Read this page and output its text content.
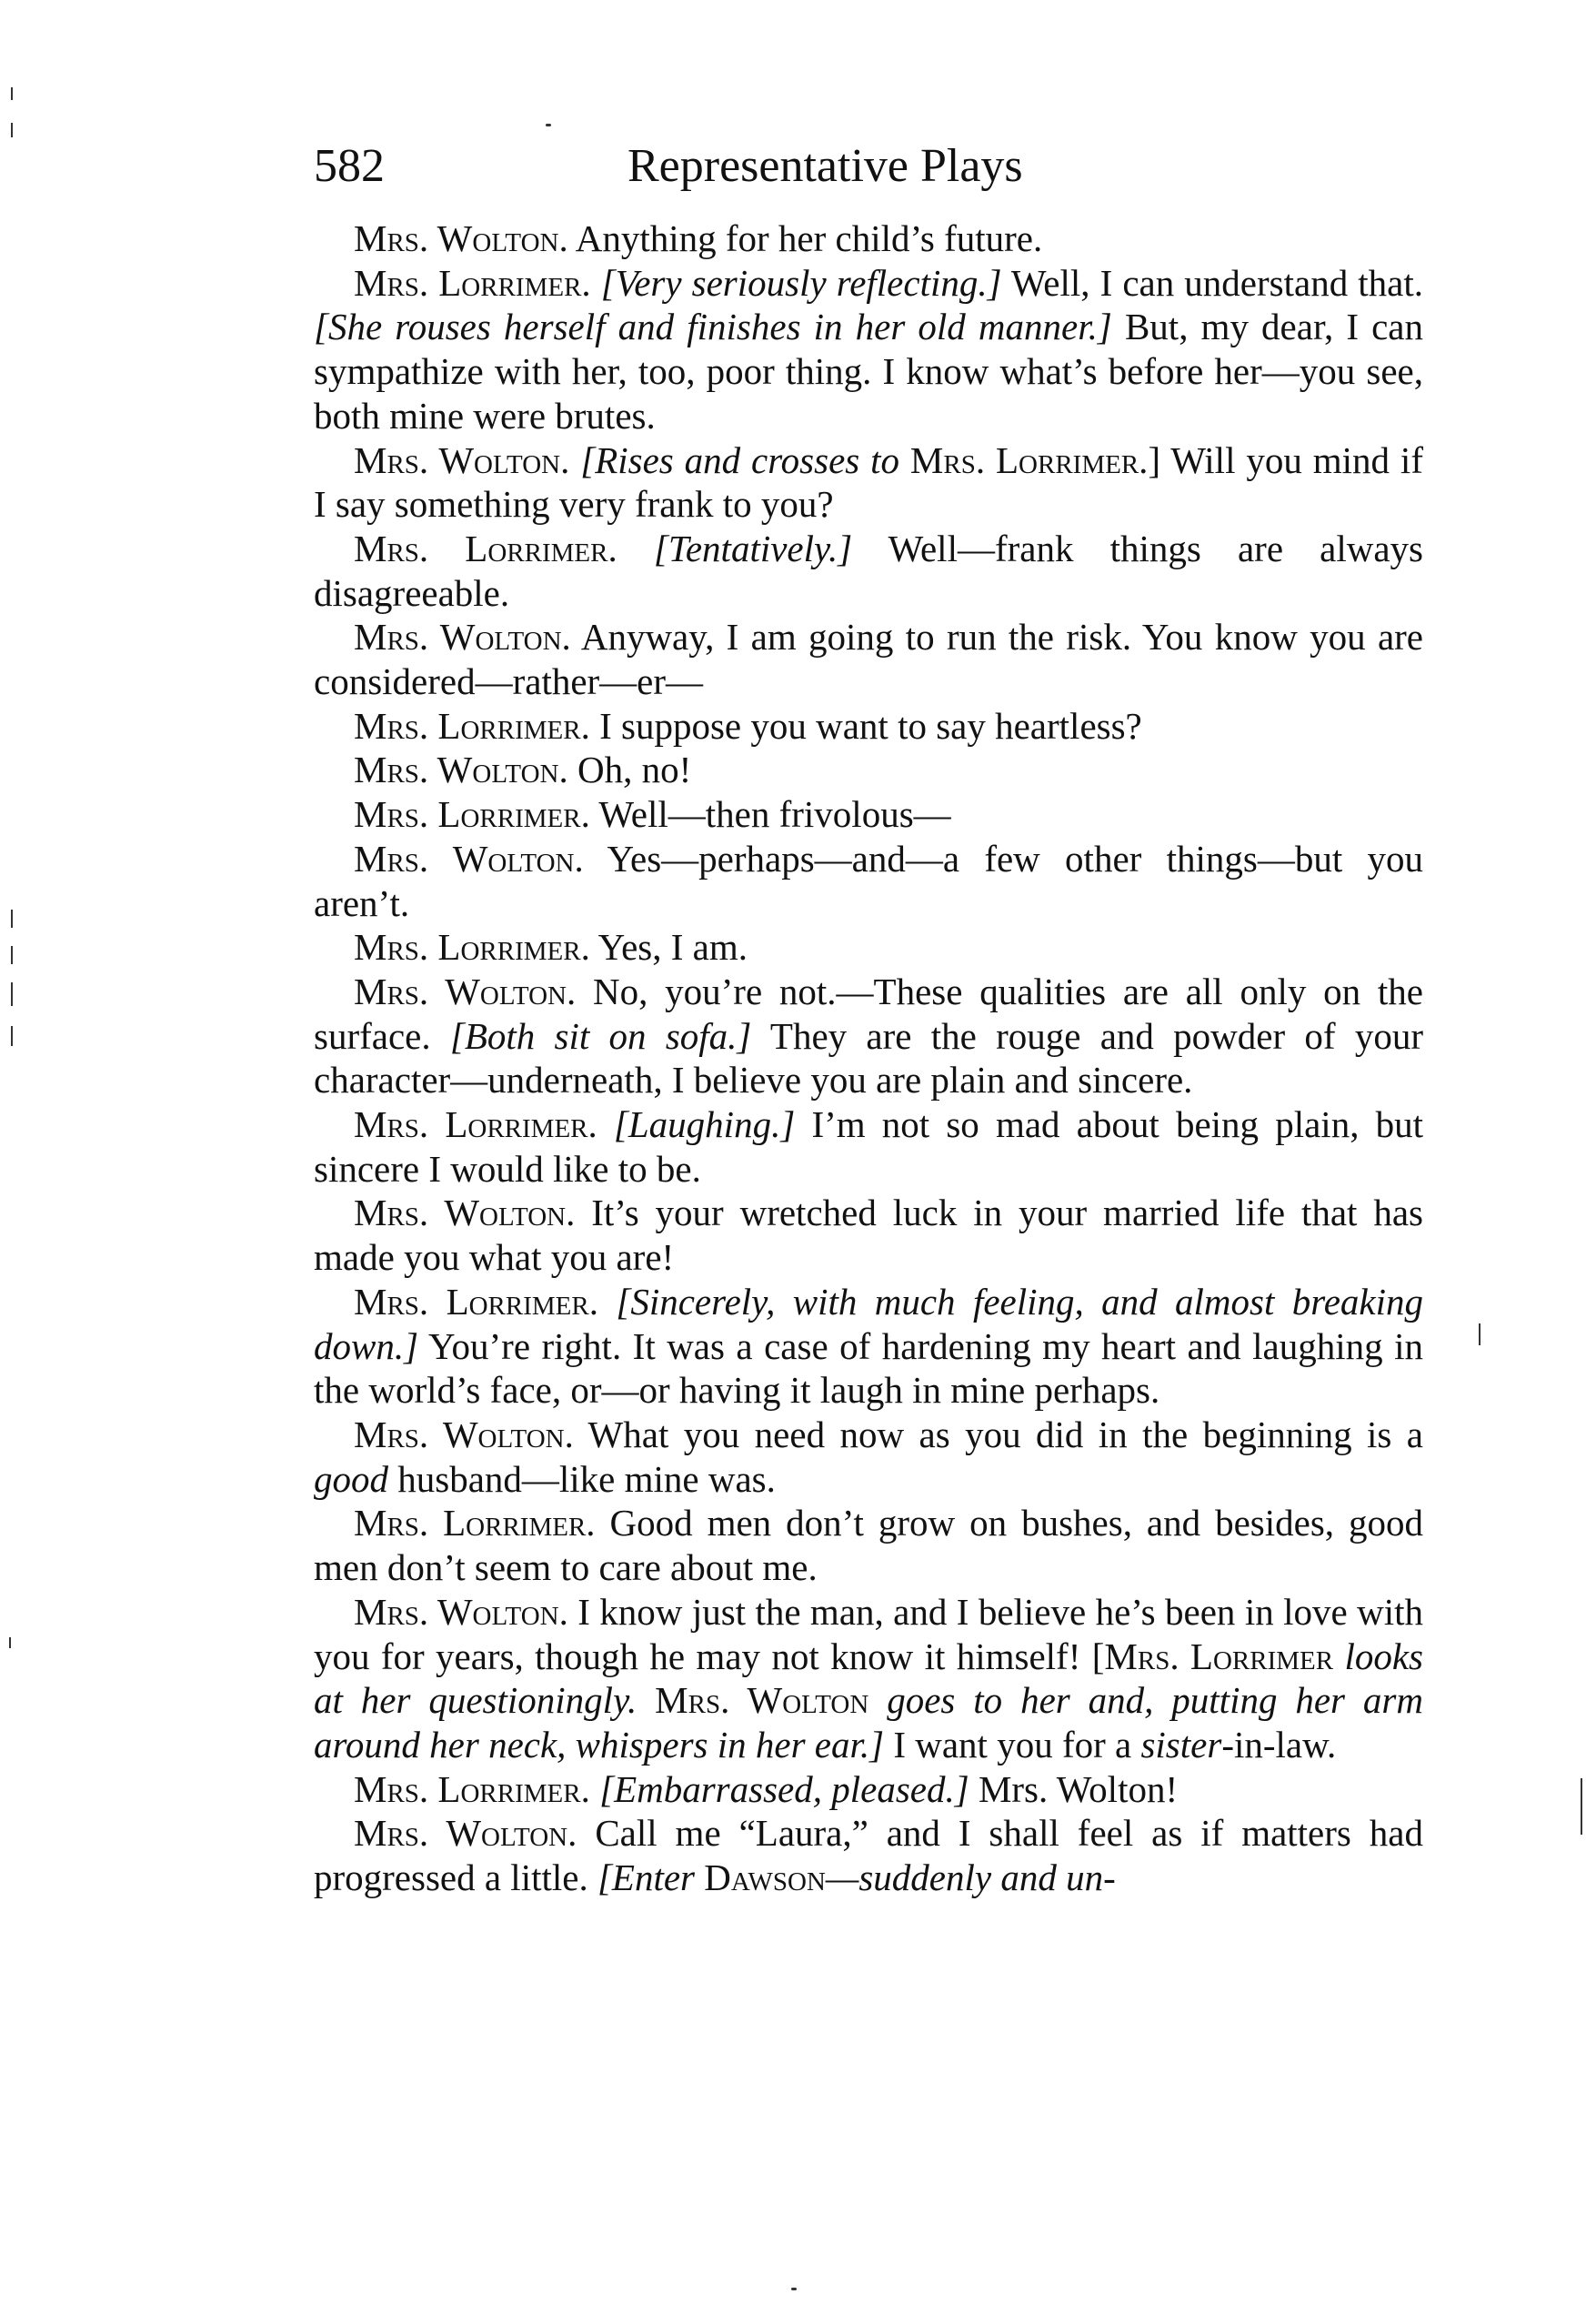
582	Representative Plays

Mrs. Wolton. Anything for her child’s future.

Mrs. Lorrimer. [Very seriously reflecting.] Well, I can understand that. [She rouses herself and finishes in her old manner.] But, my dear, I can sympathize with her, too, poor thing. I know what’s before her—you see, both mine were brutes.

Mrs. Wolton. [Rises and crosses to Mrs. Lorrimer.] Will you mind if I say something very frank to you?

Mrs. Lorrimer. [Tentatively.] Well—frank things are always disagreeable.

Mrs. Wolton. Anyway, I am going to run the risk. You know you are considered—rather—er—

Mrs. Lorrimer. I suppose you want to say heartless?

Mrs. Wolton. Oh, no!

Mrs. Lorrimer. Well—then frivolous—

Mrs. Wolton. Yes—perhaps—and—a few other things—but you aren’t.

Mrs. Lorrimer. Yes, I am.

Mrs. Wolton. No, you’re not.—These qualities are all only on the surface. [Both sit on sofa.] They are the rouge and powder of your character—underneath, I believe you are plain and sincere.

Mrs. Lorrimer. [Laughing.] I’m not so mad about being plain, but sincere I would like to be.

Mrs. Wolton. It’s your wretched luck in your married life that has made you what you are!

Mrs. Lorrimer. [Sincerely, with much feeling, and almost breaking down.] You’re right. It was a case of hardening my heart and laughing in the world’s face, or—or having it laugh in mine perhaps.

Mrs. Wolton. What you need now as you did in the beginning is a good husband—like mine was.

Mrs. Lorrimer. Good men don’t grow on bushes, and besides, good men don’t seem to care about me.

Mrs. Wolton. I know just the man, and I believe he’s been in love with you for years, though he may not know it himself! [Mrs. Lorrimer looks at her questioningly. Mrs. Wolton goes to her and, putting her arm around her neck, whispers in her ear.] I want you for a sister-in-law.

Mrs. Lorrimer. [Embarrassed, pleased.] Mrs. Wolton!

Mrs. Wolton. Call me “Laura,” and I shall feel as if matters had progressed a little. [Enter Dawson—suddenly and un-
